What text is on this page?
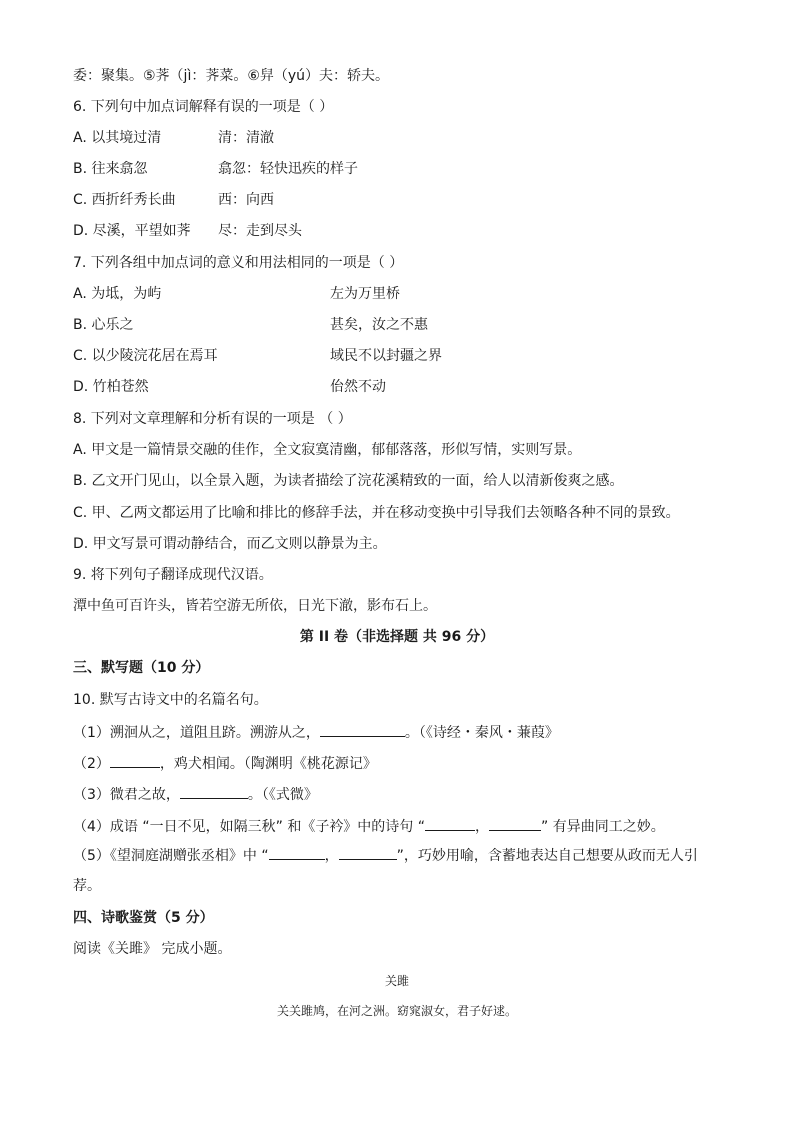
委：聚集。⑤荠（jì：荠菜。⑥舁（yú）夫：轿夫。
6. 下列句中加点词解释有误的一项是（ ）
A. 以其境过清	清：清澈
B. 往来翕忽	翕忽：轻快迅疾的样子
C. 西折纤秀长曲	西：向西
D. 尽溪，平望如荠 尽：走到尽头
7. 下列各组中加点词的意义和用法相同的一项是（ ）
A. 为坻，为屿	左为万里桥
B. 心乐之	甚矣，汝之不惠
C. 以少陵浣花居在焉耳	域民不以封疆之界
D. 竹柏苍然	佁然不动
8. 下列对文章理解和分析有误的一项是 （ ）
A. 甲文是一篇情景交融的佳作，全文寂寞清幽，郁郁落落，形似写情，实则写景。
B. 乙文开门见山，以全景入题，为读者描绘了浣花溪精致的一面，给人以清新俊爽之感。
C. 甲、乙两文都运用了比喻和排比的修辞手法，并在移动变换中引导我们去领略各种不同的景致。
D. 甲文写景可谓动静结合，而乙文则以静景为主。
9. 将下列句子翻译成现代汉语。
潭中鱼可百许头，皆若空游无所依，日光下澈，影布石上。
第 II 卷（非选择题 共 96 分）
三、默写题（10 分）
10. 默写古诗文中的名篇名句。
（1）溯洄从之，道阻且跻。溯游从之，	。（《诗经・秦风・蒹葭》
（2）	，鸡犬相闻。（陶渊明《桃花源记》
（3）微君之故，	。（《式微》
（4）成语 “一日不见，如隔三秋” 和《子衿》中的诗句 “	，	” 有异曲同工之妙。
（5）《望洞庭湖赠张丞相》中 “	，	”，巧妙用喻，含蓄地表达自己想要从政而无人引荐。
四、诗歌鉴赏（5 分）
阅读《关雎》 完成小题。
关雎
关关雎鸠，在河之洲。窈窕淑女，君子好逑。
